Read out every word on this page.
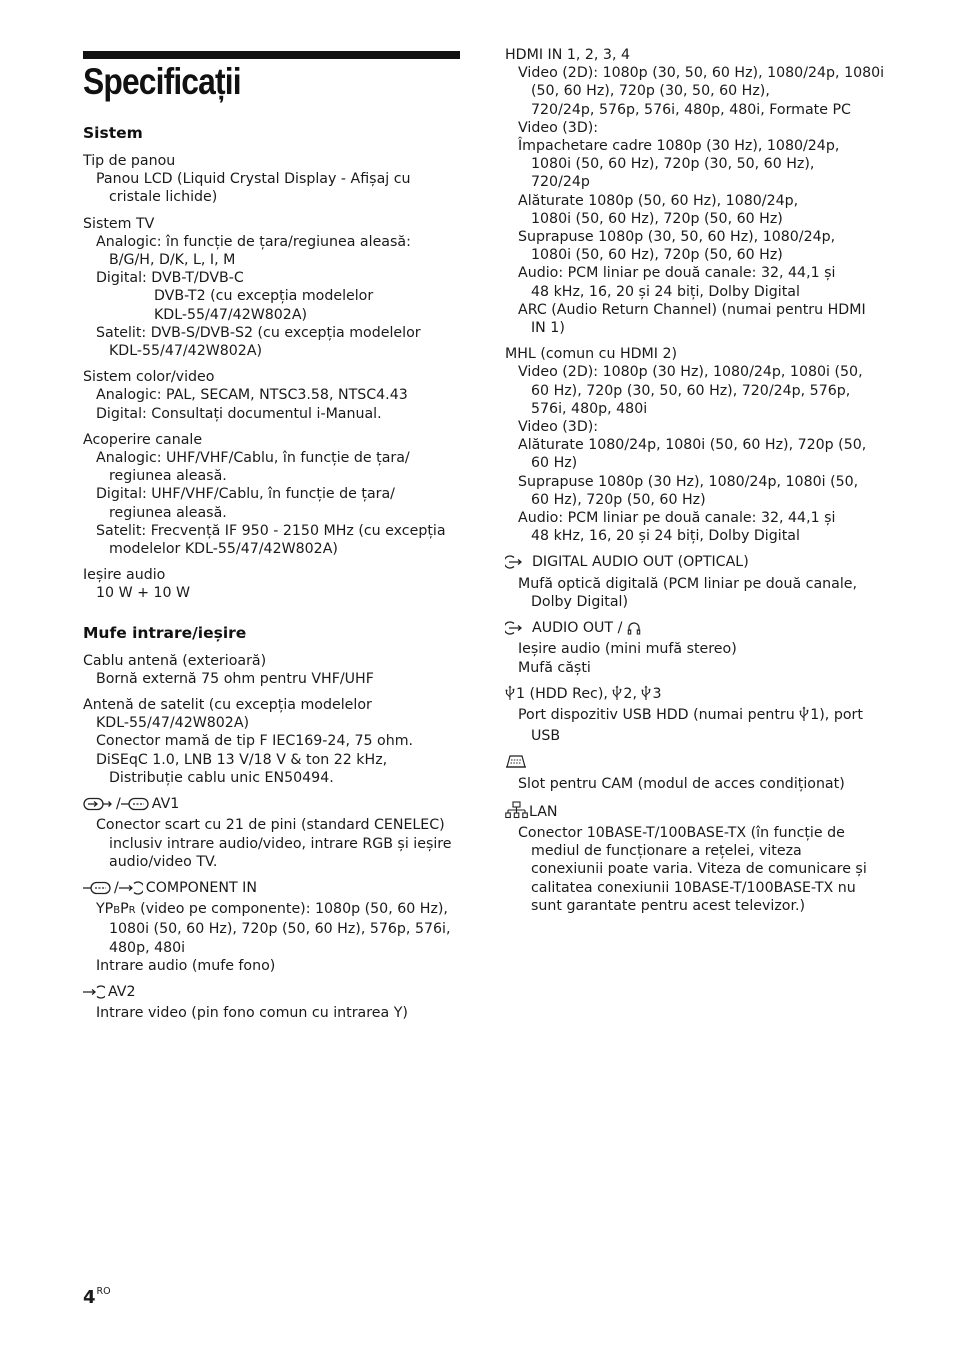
Specificații
Sistem
Tip de panou
Panou LCD (Liquid Crystal Display - Afișaj cu
cristale lichide)
Sistem TV
Analogic: în funcție de țara/regiunea aleasă:
B/G/H, D/K, L, I, M
Digital: DVB-T/DVB-C
DVB-T2 (cu excepția modelelor
KDL-55/47/42W802A)
Satelit: DVB-S/DVB-S2 (cu excepția modelelor
KDL-55/47/42W802A)
Sistem color/video
Analogic: PAL, SECAM, NTSC3.58, NTSC4.43
Digital: Consultați documentul i-Manual.
Acoperire canale
Analogic: UHF/VHF/Cablu, în funcție de țara/
regiunea aleasă.
Digital: UHF/VHF/Cablu, în funcție de țara/
regiunea aleasă.
Satelit: Frecvență IF 950 - 2150 MHz (cu excepția
modelelor KDL-55/47/42W802A)
Ieșire audio
10 W + 10 W
Mufe intrare/ieșire
Cablu antenă (exterioară)
Bornă externă 75 ohm pentru VHF/UHF
Antenă de satelit (cu excepția modelelor
KDL-55/47/42W802A)
Conector mamă de tip F IEC169-24, 75 ohm.
DiSEqC 1.0, LNB 13 V/18 V & ton 22 kHz,
Distribuție cablu unic EN50494.
/ AV1
Conector scart cu 21 de pini (standard CENELEC)
inclusiv intrare audio/video, intrare RGB și ieșire
audio/video TV.
/ COMPONENT IN
YPBPR (video pe componente): 1080p (50, 60 Hz),
1080i (50, 60 Hz), 720p (50, 60 Hz), 576p, 576i,
480p, 480i
Intrare audio (mufe fono)
AV2
Intrare video (pin fono comun cu intrarea Y)
HDMI IN 1, 2, 3, 4
Video (2D): 1080p (30, 50, 60 Hz), 1080/24p, 1080i
(50, 60 Hz), 720p (30, 50, 60 Hz),
720/24p, 576p, 576i, 480p, 480i, Formate PC
Video (3D):
Împachetare cadre 1080p (30 Hz), 1080/24p,
1080i (50, 60 Hz), 720p (30, 50, 60 Hz),
720/24p
Alăturate 1080p (50, 60 Hz), 1080/24p,
1080i (50, 60 Hz), 720p (50, 60 Hz)
Suprapuse 1080p (30, 50, 60 Hz), 1080/24p,
1080i (50, 60 Hz), 720p (50, 60 Hz)
Audio: PCM liniar pe două canale: 32, 44,1 și
48 kHz, 16, 20 și 24 biți, Dolby Digital
ARC (Audio Return Channel) (numai pentru HDMI
IN 1)
MHL (comun cu HDMI 2)
Video (2D): 1080p (30 Hz), 1080/24p, 1080i (50,
60 Hz), 720p (30, 50, 60 Hz), 720/24p, 576p,
576i, 480p, 480i
Video (3D):
Alăturate 1080/24p, 1080i (50, 60 Hz), 720p (50,
60 Hz)
Suprapuse 1080p (30 Hz), 1080/24p, 1080i (50,
60 Hz), 720p (50, 60 Hz)
Audio: PCM liniar pe două canale: 32, 44,1 și
48 kHz, 16, 20 și 24 biți, Dolby Digital
DIGITAL AUDIO OUT (OPTICAL)
Mufă optică digitală (PCM liniar pe două canale,
Dolby Digital)
AUDIO OUT /
Ieșire audio (mini mufă stereo)
Mufă căști
1 (HDD Rec), 2, 3
Port dispozitiv USB HDD (numai pentru 1), port
USB
Slot pentru CAM (modul de acces condiționat)
LAN
Conector 10BASE-T/100BASE-TX (în funcție de
mediul de funcționare a rețelei, viteza
conexiunii poate varia. Viteza de comunicare și
calitatea conexiunii 10BASE-T/100BASE-TX nu
sunt garantate pentru acest televizor.)
$4^{RO}$
